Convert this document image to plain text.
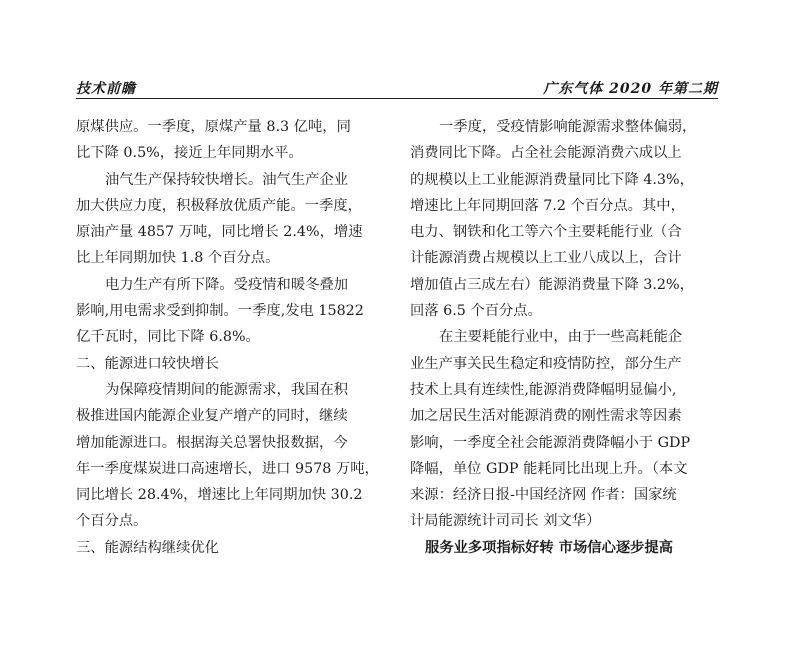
技术前瞻	广东气体 2020 年第二期
原煤供应。一季度，原煤产量 8.3 亿吨，同
比下降 0.5%，接近上年同期水平。
油气生产保持较快增长。油气生产企业
加大供应力度，积极释放优质产能。一季度，
原油产量 4857 万吨，同比增长 2.4%，增速
比上年同期加快 1.8 个百分点。
电力生产有所下降。受疫情和暖冬叠加
影响,用电需求受到抑制。一季度,发电 15822
亿千瓦时，同比下降 6.8%。
二、能源进口较快增长
为保障疫情期间的能源需求，我国在积
极推进国内能源企业复产增产的同时，继续
增加能源进口。根据海关总署快报数据，今
年一季度煤炭进口高速增长，进口 9578 万吨，
同比增长 28.4%，增速比上年同期加快 30.2
个百分点。
三、能源结构继续优化
一季度，受疫情影响能源需求整体偏弱，
消费同比下降。占全社会能源消费六成以上
的规模以上工业能源消费量同比下降 4.3%，
增速比上年同期回落 7.2 个百分点。其中，
电力、钢铁和化工等六个主要耗能行业（合
计能源消费占规模以上工业八成以上，合计
增加值占三成左右）能源消费量下降 3.2%，
回落 6.5 个百分点。
在主要耗能行业中，由于一些高耗能企
业生产事关民生稳定和疫情防控，部分生产
技术上具有连续性,能源消费降幅明显偏小,
加之居民生活对能源消费的刚性需求等因素
影响，一季度全社会能源消费降幅小于 GDP
降幅，单位 GDP 能耗同比出现上升。（本文
来源：经济日报-中国经济网 作者：国家统
计局能源统计司司长 刘文华）
服务业多项指标好转 市场信心逐步提高
